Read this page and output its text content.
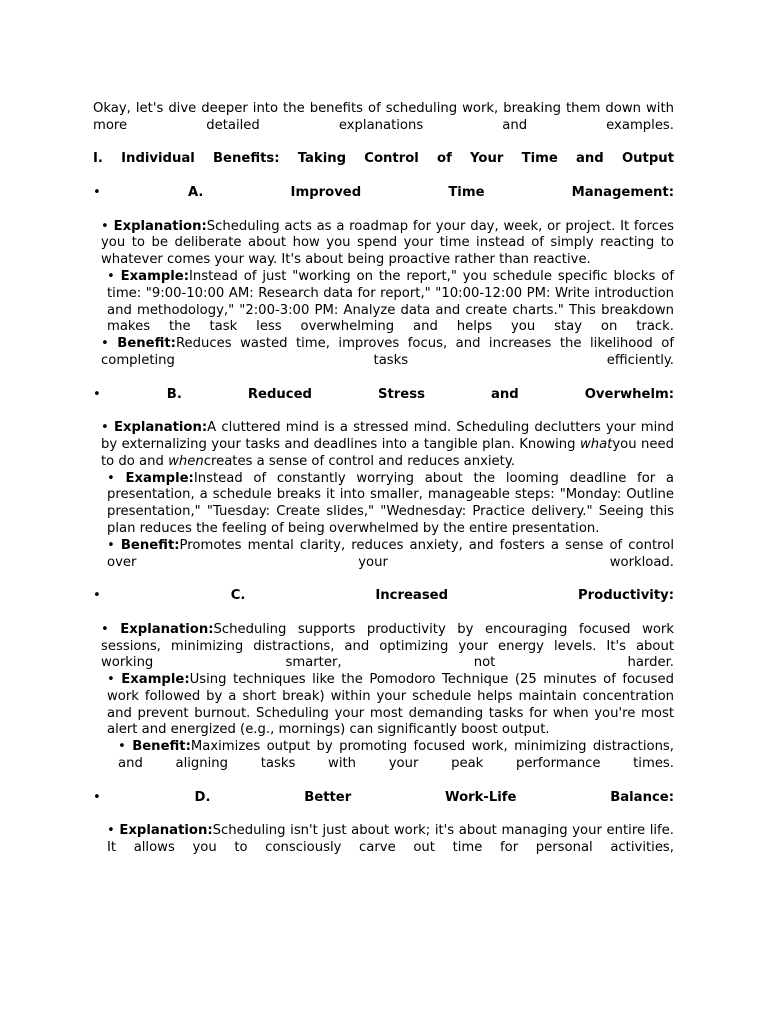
Okay, let's dive deeper into the benefits of scheduling work, breaking them down with more detailed explanations and examples.

I. Individual Benefits: Taking Control of Your Time and Output

•	A. Improved Time Management:

• Explanation:Scheduling acts as a roadmap for your day, week, or project. It forces you to be deliberate about how you spend your time instead of simply reacting to whatever comes your way. It's about being proactive rather than reactive.

• Example:Instead of just "working on the report," you schedule specific blocks of time: "9:00-10:00 AM: Research data for report," "10:00-12:00 PM: Write introduction and methodology," "2:00-3:00 PM: Analyze data and create charts." This breakdown makes the task less overwhelming and helps you stay on track.

• Benefit:Reduces wasted time, improves focus, and increases the likelihood of completing tasks efficiently.

•	B. Reduced Stress and Overwhelm:

• Explanation:A cluttered mind is a stressed mind. Scheduling declutters your mind by externalizing your tasks and deadlines into a tangible plan. Knowing whatyou need to do and whencreates a sense of control and reduces anxiety.

• Example:Instead of constantly worrying about the looming deadline for a presentation, a schedule breaks it into smaller, manageable steps: "Monday: Outline presentation," "Tuesday: Create slides," "Wednesday: Practice delivery." Seeing this plan reduces the feeling of being overwhelmed by the entire presentation.

• Benefit:Promotes mental clarity, reduces anxiety, and fosters a sense of control over your workload.

•	C. Increased Productivity:

• Explanation:Scheduling supports productivity by encouraging focused work sessions, minimizing distractions, and optimizing your energy levels. It's about working smarter, not harder.

• Example:Using techniques like the Pomodoro Technique (25 minutes of focused work followed by a short break) within your schedule helps maintain concentration and prevent burnout. Scheduling your most demanding tasks for when you're most alert and energized (e.g., mornings) can significantly boost output.

• Benefit:Maximizes output by promoting focused work, minimizing distractions, and aligning tasks with your peak performance times.

•	D. Better Work-Life Balance:

• Explanation:Scheduling isn't just about work; it's about managing your entire life. It allows you to consciously carve out time for personal activities,
